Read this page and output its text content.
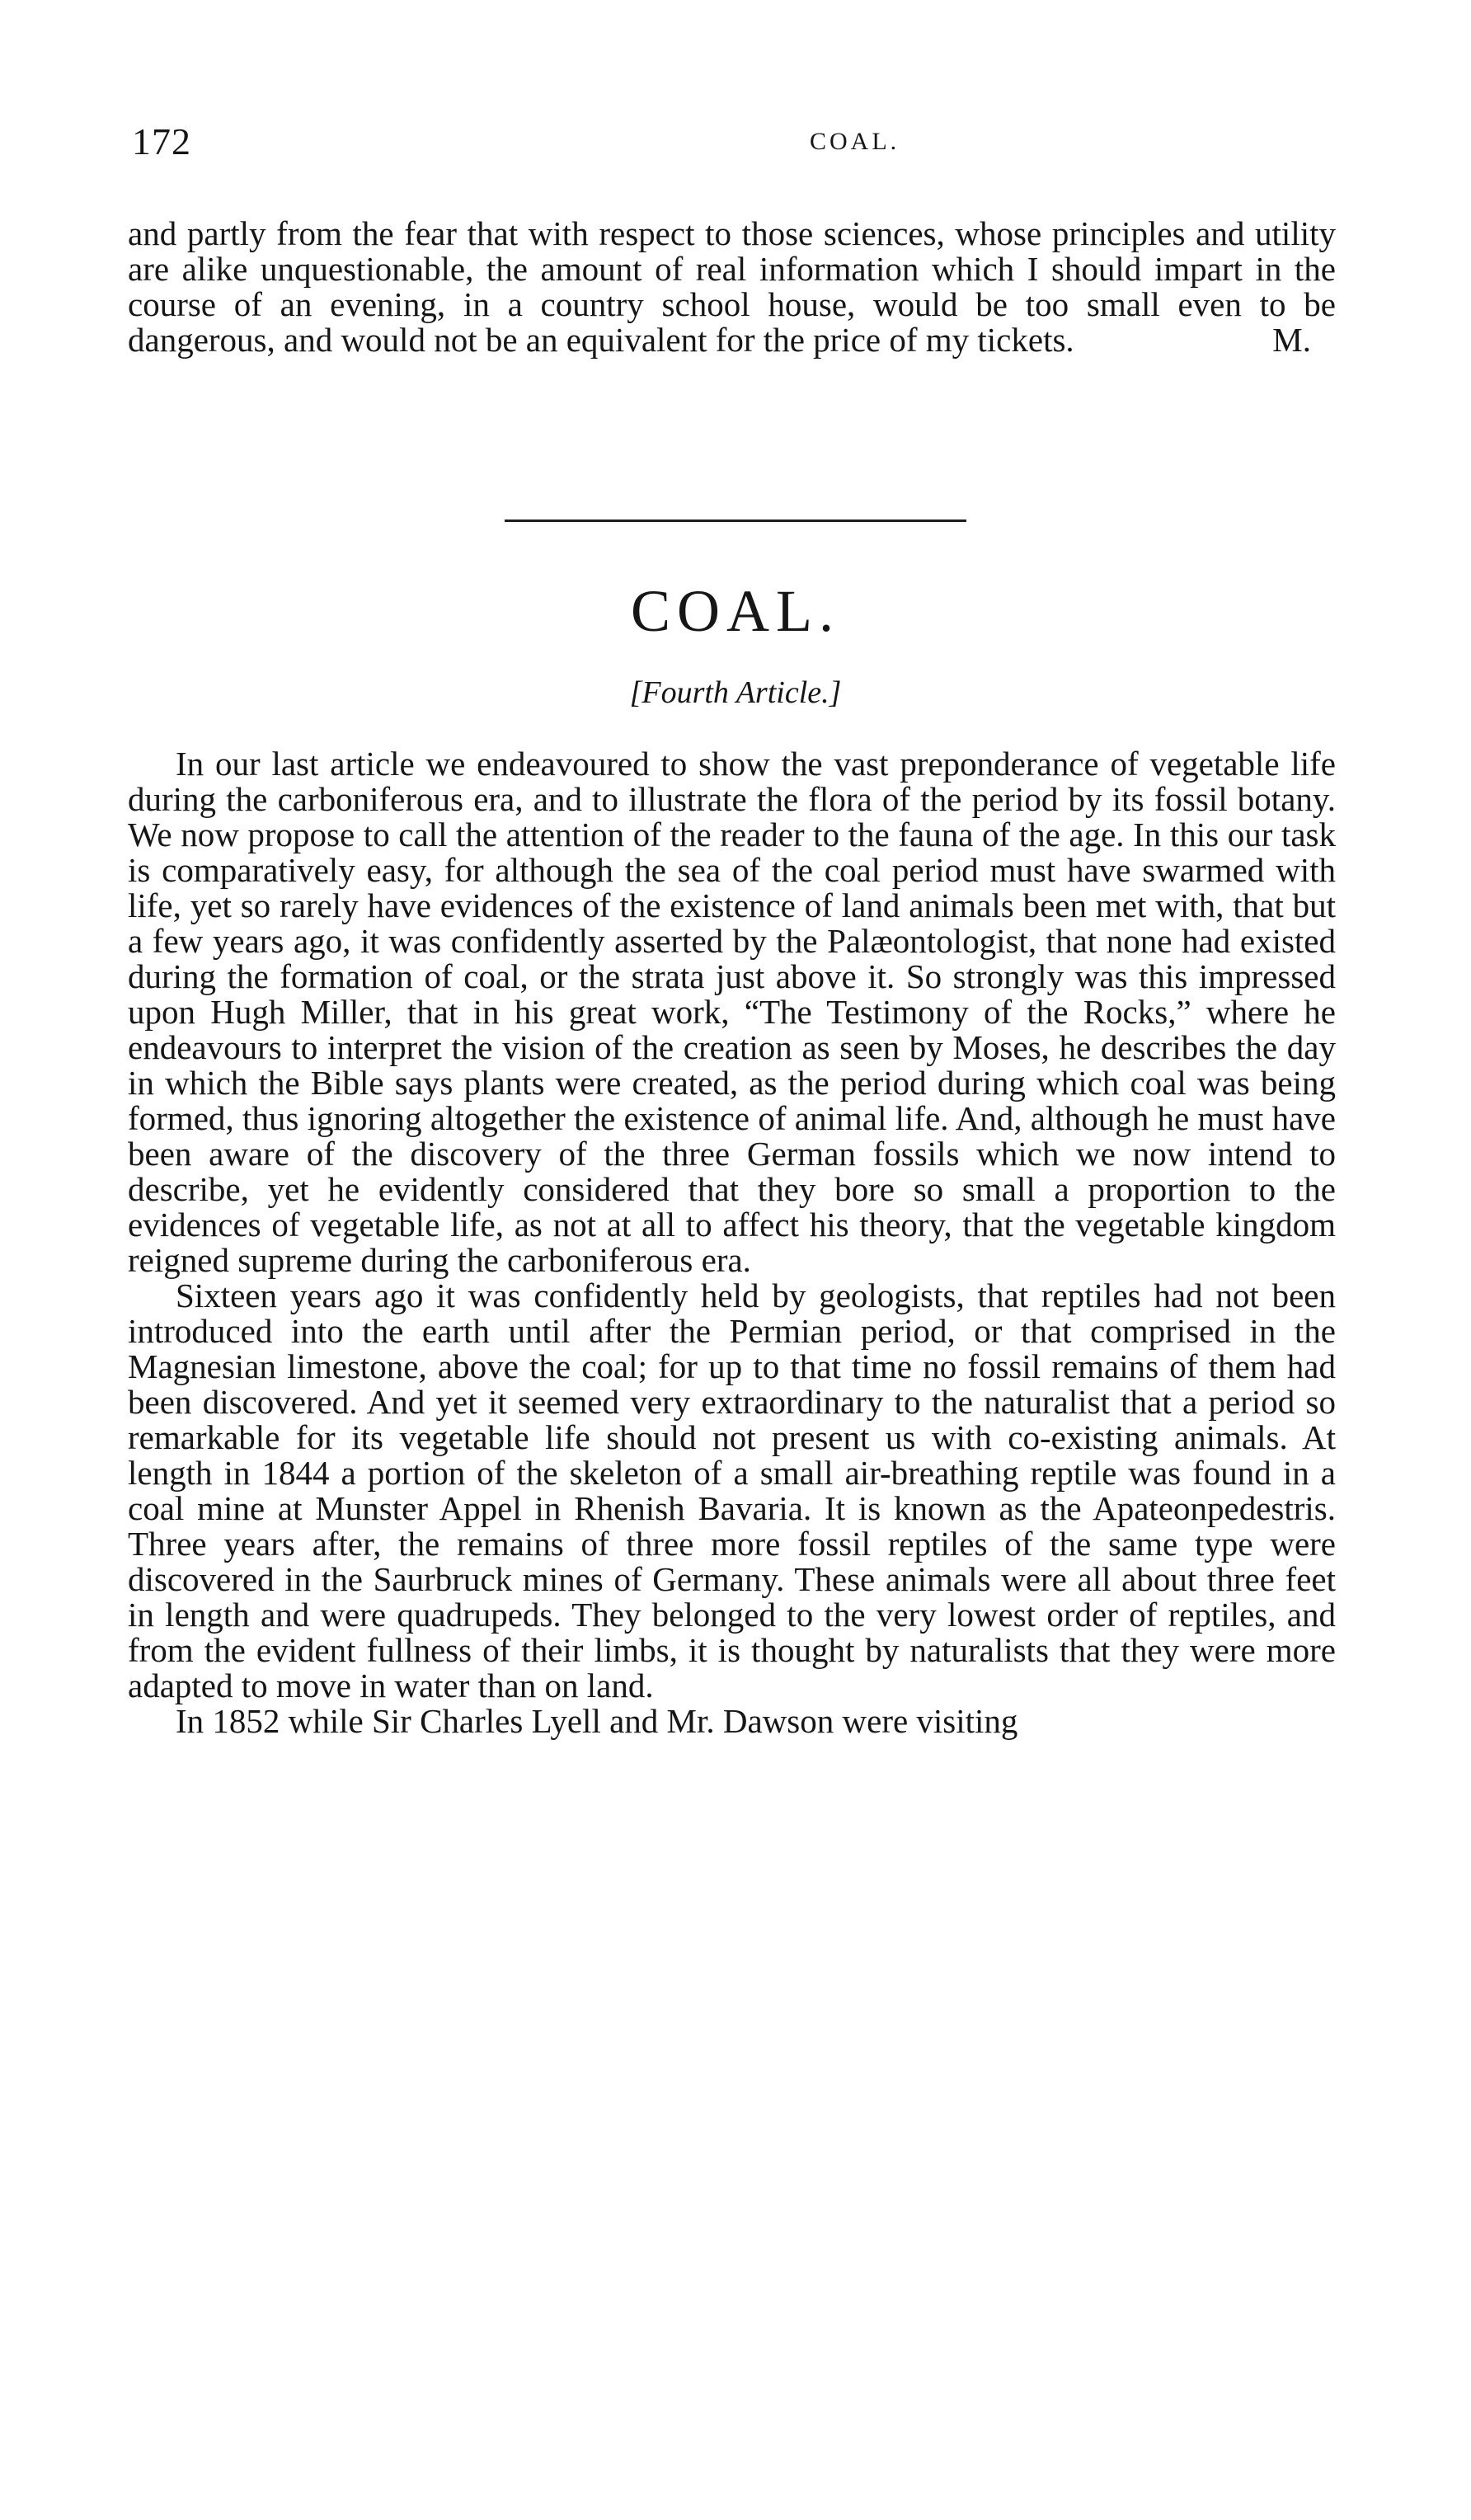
172	COAL.

and partly from the fear that with respect to those sciences, whose principles and utility are alike unquestionable, the amount of real information which I should impart in the course of an evening, in a country school house, would be too small even to be dangerous, and would not be an equivalent for the price of my tickets.	M.

COAL.
[Fourth Article.]

In our last article we endeavoured to show the vast preponderance of vegetable life during the carboniferous era, and to illustrate the flora of the period by its fossil botany. We now propose to call the attention of the reader to the fauna of the age. In this our task is comparatively easy, for although the sea of the coal period must have swarmed with life, yet so rarely have evidences of the existence of land animals been met with, that but a few years ago, it was confidently asserted by the Palæontologist, that none had existed during the formation of coal, or the strata just above it. So strongly was this impressed upon Hugh Miller, that in his great work, “The Testimony of the Rocks,” where he endeavours to interpret the vision of the creation as seen by Moses, he describes the day in which the Bible says plants were created, as the period during which coal was being formed, thus ignoring altogether the existence of animal life. And, although he must have been aware of the discovery of the three German fossils which we now intend to describe, yet he evidently considered that they bore so small a proportion to the evidences of vegetable life, as not at all to affect his theory, that the vegetable kingdom reigned supreme during the carboniferous era.

Sixteen years ago it was confidently held by geologists, that reptiles had not been introduced into the earth until after the Permian period, or that comprised in the Magnesian limestone, above the coal; for up to that time no fossil remains of them had been discovered. And yet it seemed very extraordinary to the naturalist that a period so remarkable for its vegetable life should not present us with co-existing animals. At length in 1844 a portion of the skeleton of a small air-breathing reptile was found in a coal mine at Munster Appel in Rhenish Bavaria. It is known as the Apateonpedestris. Three years after, the remains of three more fossil reptiles of the same type were discovered in the Saurbruck mines of Germany. These animals were all about three feet in length and were quadrupeds. They belonged to the very lowest order of reptiles, and from the evident fullness of their limbs, it is thought by naturalists that they were more adapted to move in water than on land.

In 1852 while Sir Charles Lyell and Mr. Dawson were visiting
